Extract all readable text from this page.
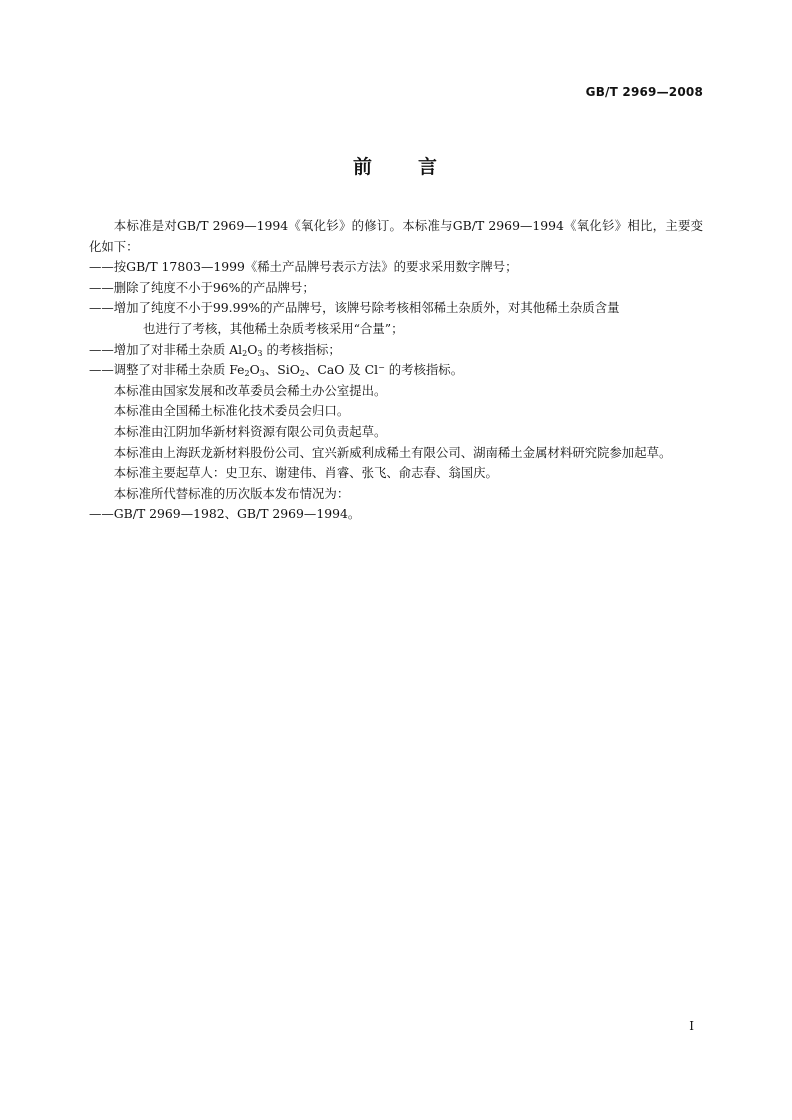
GB/T 2969—2008
前 言

本标准是对GB/T 2969—1994《氧化钐》的修订。本标准与GB/T 2969—1994《氧化钐》相比，主要变化如下：

——按GB/T 17803—1999《稀土产品牌号表示方法》的要求采用数字牌号；

——删除了纯度不小于96%的产品牌号；

——增加了纯度不小于99.99%的产品牌号，该牌号除考核相邻稀土杂质外，对其他稀土杂质含量
也进行了考核，其他稀土杂质考核采用“合量”；

——增加了对非稀土杂质 $Al_2O_3$ 的考核指标；

——调整了对非稀土杂质 $Fe_2O_3$、SiO$_2$、CaO 及 Cl− 的考核指标。

本标准由国家发展和改革委员会稀土办公室提出。

本标准由全国稀土标准化技术委员会归口。

本标准由江阴加华新材料资源有限公司负责起草。

本标准由上海跃龙新材料股份公司、宜兴新威利成稀土有限公司、湖南稀土金属材料研究院参加起草。

本标准主要起草人：史卫东、谢建伟、肖睿、张飞、俞志春、翁国庆。

本标准所代替标准的历次版本发布情况为：

——GB/T 2969—1982、GB/T 2969—1994。

I
